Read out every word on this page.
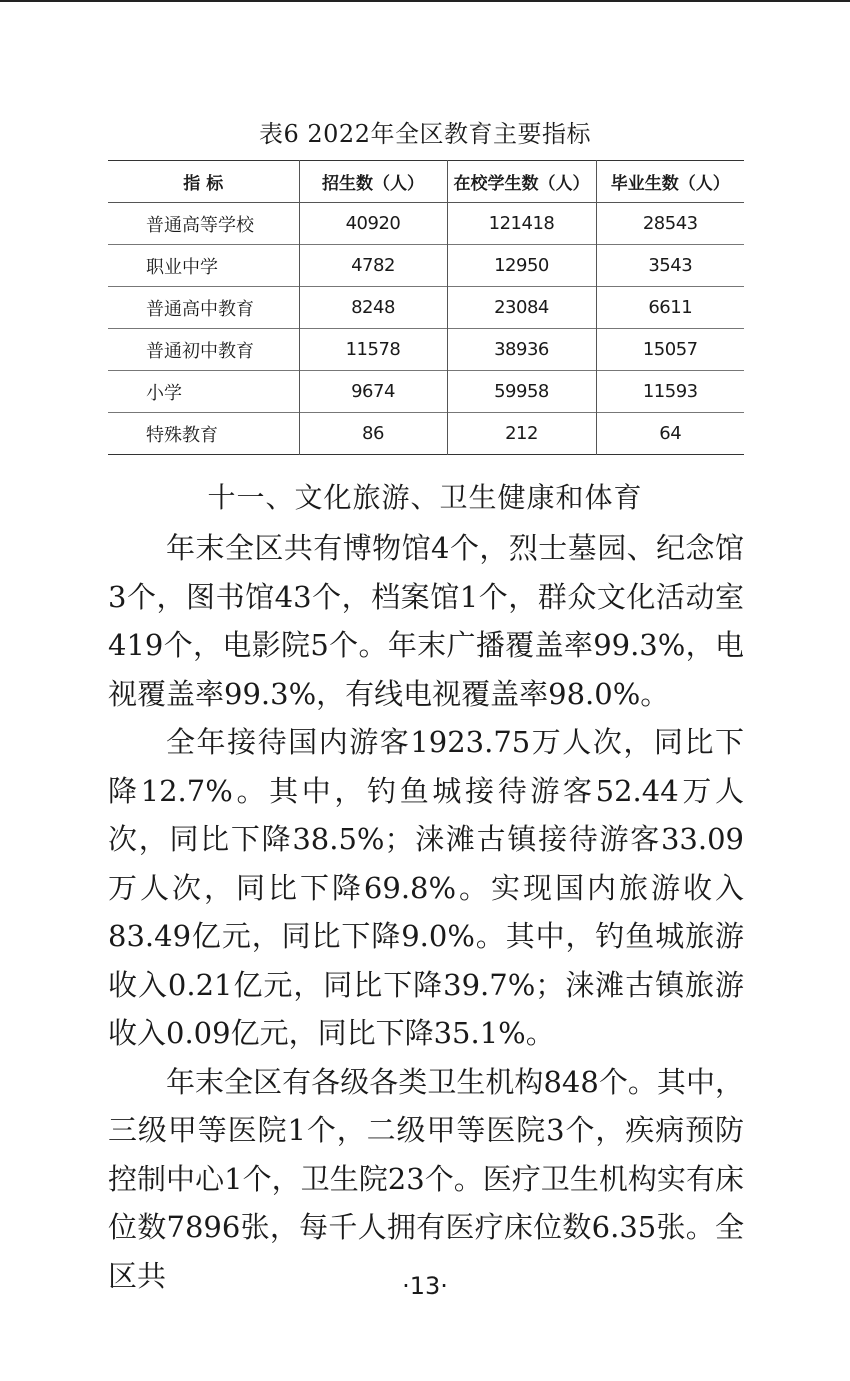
表6 2022年全区教育主要指标
指 标	招生数（人）	在校学生数（人）	毕业生数（人）
普通高等学校	40920	121418	28543
职业中学	4782	12950	3543
普通高中教育	8248	23084	6611
普通初中教育	11578	38936	15057
小学	9674	59958	11593
特殊教育	86	212	64
十一、文化旅游、卫生健康和体育

年末全区共有博物馆4个，烈士墓园、纪念馆3个，图书馆43个，档案馆1个，群众文化活动室419个，电影院5个。年末广播覆盖率99.3%，电视覆盖率99.3%，有线电视覆盖率98.0%。

全年接待国内游客1923.75万人次，同比下降12.7%。其中，钓鱼城接待游客52.44万人次，同比下降38.5%；涞滩古镇接待游客33.09万人次，同比下降69.8%。实现国内旅游收入83.49亿元，同比下降9.0%。其中，钓鱼城旅游收入0.21亿元，同比下降39.7%；涞滩古镇旅游收入0.09亿元，同比下降35.1%。

年末全区有各级各类卫生机构848个。其中，三级甲等医院1个，二级甲等医院3个，疾病预防控制中心1个，卫生院23个。医疗卫生机构实有床位数7896张，每千人拥有医疗床位数6.35张。全区共	·13·
